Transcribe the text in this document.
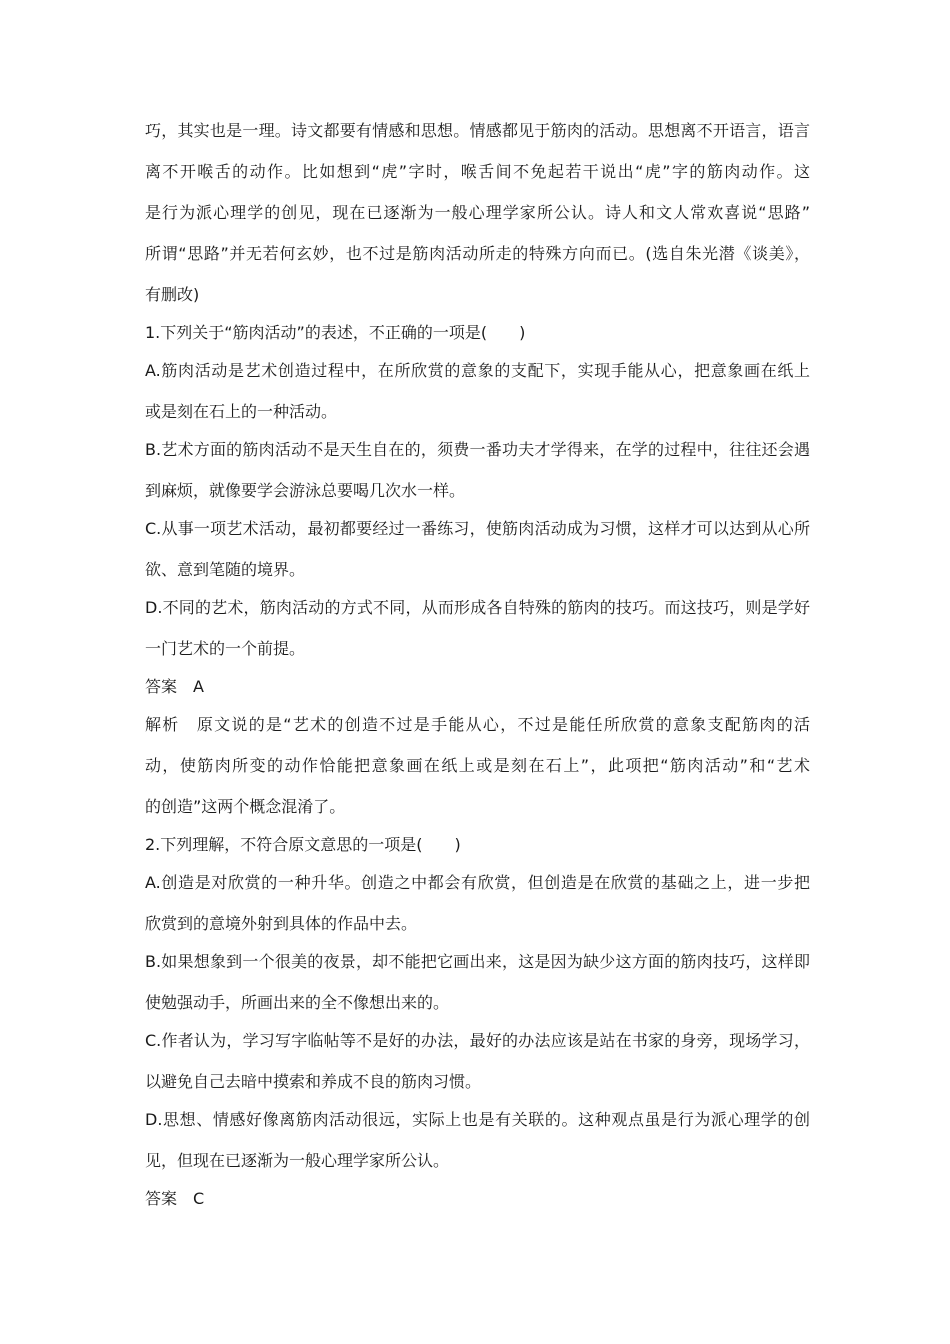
巧，其实也是一理。诗文都要有情感和思想。情感都见于筋肉的活动。思想离不开语言，语言

离不开喉舌的动作。比如想到“虎”字时，喉舌间不免起若干说出“虎”字的筋肉动作。这

是行为派心理学的创见，现在已逐渐为一般心理学家所公认。诗人和文人常欢喜说“思路”

所谓“思路”并无若何玄妙，也不过是筋肉活动所走的特殊方向而已。(选自朱光潜《谈美》，

有删改)

1.下列关于“筋肉活动”的表述，不正确的一项是(　　)

A.筋肉活动是艺术创造过程中，在所欣赏的意象的支配下，实现手能从心，把意象画在纸上

或是刻在石上的一种活动。

B.艺术方面的筋肉活动不是天生自在的，须费一番功夫才学得来，在学的过程中，往往还会遇

到麻烦，就像要学会游泳总要喝几次水一样。

C.从事一项艺术活动，最初都要经过一番练习，使筋肉活动成为习惯，这样才可以达到从心所

欲、意到笔随的境界。

D.不同的艺术，筋肉活动的方式不同，从而形成各自特殊的筋肉的技巧。而这技巧，则是学好

一门艺术的一个前提。

答案 A

解析 原文说的是“艺术的创造不过是手能从心，不过是能任所欣赏的意象支配筋肉的活

动，使筋肉所变的动作恰能把意象画在纸上或是刻在石上”，此项把“筋肉活动”和“艺术

的创造”这两个概念混淆了。

2.下列理解，不符合原文意思的一项是(　　)

A.创造是对欣赏的一种升华。创造之中都会有欣赏，但创造是在欣赏的基础之上，进一步把

欣赏到的意境外射到具体的作品中去。

B.如果想象到一个很美的夜景，却不能把它画出来，这是因为缺少这方面的筋肉技巧，这样即

使勉强动手，所画出来的全不像想出来的。

C.作者认为，学习写字临帖等不是好的办法，最好的办法应该是站在书家的身旁，现场学习，

以避免自己去暗中摸索和养成不良的筋肉习惯。

D.思想、情感好像离筋肉活动很远，实际上也是有关联的。这种观点虽是行为派心理学的创

见，但现在已逐渐为一般心理学家所公认。

答案 C
